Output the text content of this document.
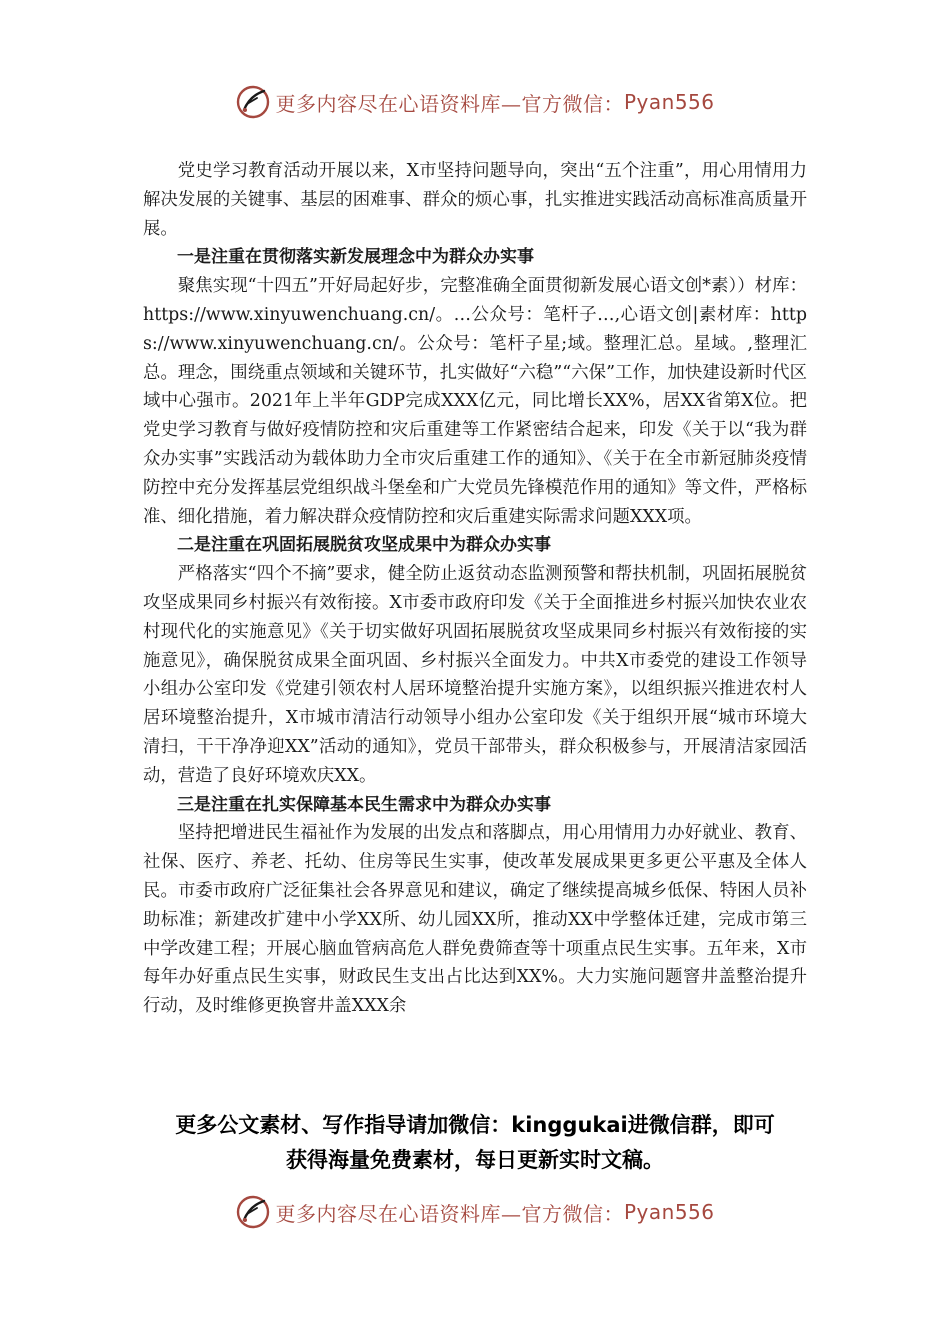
更多内容尽在心语资料库—官方微信： Pyan556

党史学习教育活动开展以来，X市坚持问题导向，突出“五个注重”，用心用情用力解决发展的关键事、基层的困难事、群众的烦心事，扎实推进实践活动高标准高质量开展。

一是注重在贯彻落实新发展理念中为群众办实事

聚焦实现“十四五”开好局起好步，完整准确全面贯彻新发展心语文创*素））材库：https://www.xinyuwenchuang.cn/。…公众号：笔杆子…,心语文创|素材库：https://www.xinyuwenchuang.cn/。公众号：笔杆子星;域。整理汇总。星域。,整理汇总。理念，围绕重点领域和关键环节，扎实做好“六稳”“六保”工作，加快建设新时代区域中心强市。2021年上半年GDP完成XXX亿元，同比增长XX%，居XX省第X位。把党史学习教育与做好疫情防控和灾后重建等工作紧密结合起来，印发《关于以“我为群众办实事”实践活动为载体助力全市灾后重建工作的通知》、《关于在全市新冠肺炎疫情防控中充分发挥基层党组织战斗堡垒和广大党员先锋模范作用的通知》等文件，严格标准、细化措施，着力解决群众疫情防控和灾后重建实际需求问题XXX项。

二是注重在巩固拓展脱贫攻坚成果中为群众办实事

严格落实“四个不摘”要求，健全防止返贫动态监测预警和帮扶机制，巩固拓展脱贫攻坚成果同乡村振兴有效衔接。X市委市政府印发《关于全面推进乡村振兴加快农业农村现代化的实施意见》《关于切实做好巩固拓展脱贫攻坚成果同乡村振兴有效衔接的实施意见》，确保脱贫成果全面巩固、乡村振兴全面发力。中共X市委党的建设工作领导小组办公室印发《党建引领农村人居环境整治提升实施方案》，以组织振兴推进农村人居环境整治提升，X市城市清洁行动领导小组办公室印发《关于组织开展“城市环境大清扫，干干净净迎XX”活动的通知》，党员干部带头，群众积极参与，开展清洁家园活动，营造了良好环境欢庆XX。

三是注重在扎实保障基本民生需求中为群众办实事

坚持把增进民生福祉作为发展的出发点和落脚点，用心用情用力办好就业、教育、社保、医疗、养老、托幼、住房等民生实事，使改革发展成果更多更公平惠及全体人民。市委市政府广泛征集社会各界意见和建议，确定了继续提高城乡低保、特困人员补助标准；新建改扩建中小学XX所、幼儿园XX所，推动XX中学整体迁建，完成市第三中学改建工程；开展心脑血管病高危人群免费筛查等十项重点民生实事。五年来，X市每年办好重点民生实事，财政民生支出占比达到XX%。大力实施问题窨井盖整治提升行动，及时维修更换窨井盖XXX余

更多公文素材、写作指导请加微信：kinggukai进微信群，即可
获得海量免费素材，每日更新实时文稿。
更多内容尽在心语资料库—官方微信： Pyan556
